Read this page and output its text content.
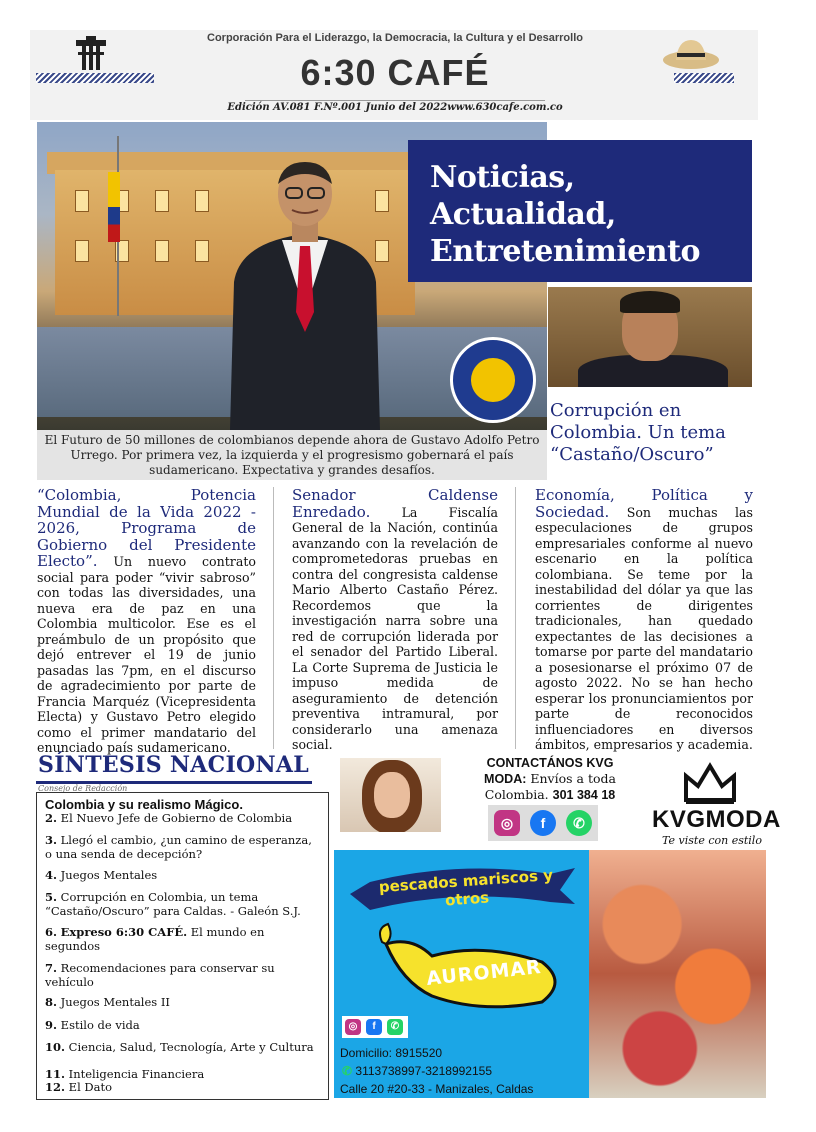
Corporación Para el Liderazgo, la Democracia, la Cultura y el Desarrollo
6:30 CAFÉ
Edición AV.081 F.Nº.001 Junio del 2022www.630cafe.com.co
El Futuro de 50 millones de colombianos depende ahora de Gustavo Adolfo Petro Urrego. Por primera vez, la izquierda y el progresismo gobernará el país sudamericano. Expectativa y grandes desafíos.
Noticias,
Actualidad,
Entretenimiento
Corrupción en Colombia. Un tema “Castaño/Oscuro”
“Colombia, Potencia Mundial de la Vida 2022 - 2026, Programa de Gobierno del Presidente Electo”. Un nuevo contrato social para poder “vivir sabroso” con todas las diversidades, una nueva era de paz en una Colombia multicolor. Ese es el preámbulo de un propósito que dejó entrever el 19 de junio pasadas las 7pm, en el discurso de agradecimiento por parte de Francia Marquéz (Vicepresidenta Electa) y Gustavo Petro elegido como el primer mandatario del enunciado país sudamericano.
Senador Caldense Enredado. La Fiscalía General de la Nación, continúa avanzando con la revelación de comprometedoras pruebas en contra del congresista caldense Mario Alberto Castaño Pérez. Recordemos que la investigación narra sobre una red de corrupción liderada por el senador del Partido Liberal. La Corte Suprema de Justicia le impuso medida de aseguramiento de detención preventiva intramural, por considerarlo una amenaza social.
Economía, Política y Sociedad. Son muchas las especulaciones de grupos empresariales conforme al nuevo escenario en la política colombiana. Se teme por la inestabilidad del dólar ya que las corrientes de dirigentes tradicionales, han quedado expectantes de las decisiones a tomarse por parte del mandatario a posesionarse el próximo 07 de agosto 2022. No se han hecho esperar los pronunciamientos por parte de reconocidos influenciadores en diversos ámbitos, empresarios y academia.
SÍNTESIS NACIONAL
Consejo de Redacción
Colombia y su realismo Mágico.
2. El Nuevo Jefe de Gobierno de Colombia
3. Llegó el cambio, ¿un camino de esperanza, o una senda de decepción?
4. Juegos Mentales
5. Corrupción en Colombia, un tema “Castaño/Oscuro” para Caldas. - Galeón S.J.
6. Expreso 6:30 CAFÉ. El mundo en segundos
7. Recomendaciones para conservar su vehículo
8. Juegos Mentales II
9. Estilo de vida
10. Ciencia, Salud, Tecnología, Arte y Cultura
11. Inteligencia Financiera
12. El Dato
CONTACTÁNOS KVG
MODA: Envíos a toda
Colombia. 301 384 18
◎	f	✆	KVGMODA
Te viste con estilo
pescados mariscos y otros
AUROMAR
◎	f	✆
Domicilio: 8915520
✆ 3113738997-3218992155
Calle 20 #20-33 - Manizales, Caldas
